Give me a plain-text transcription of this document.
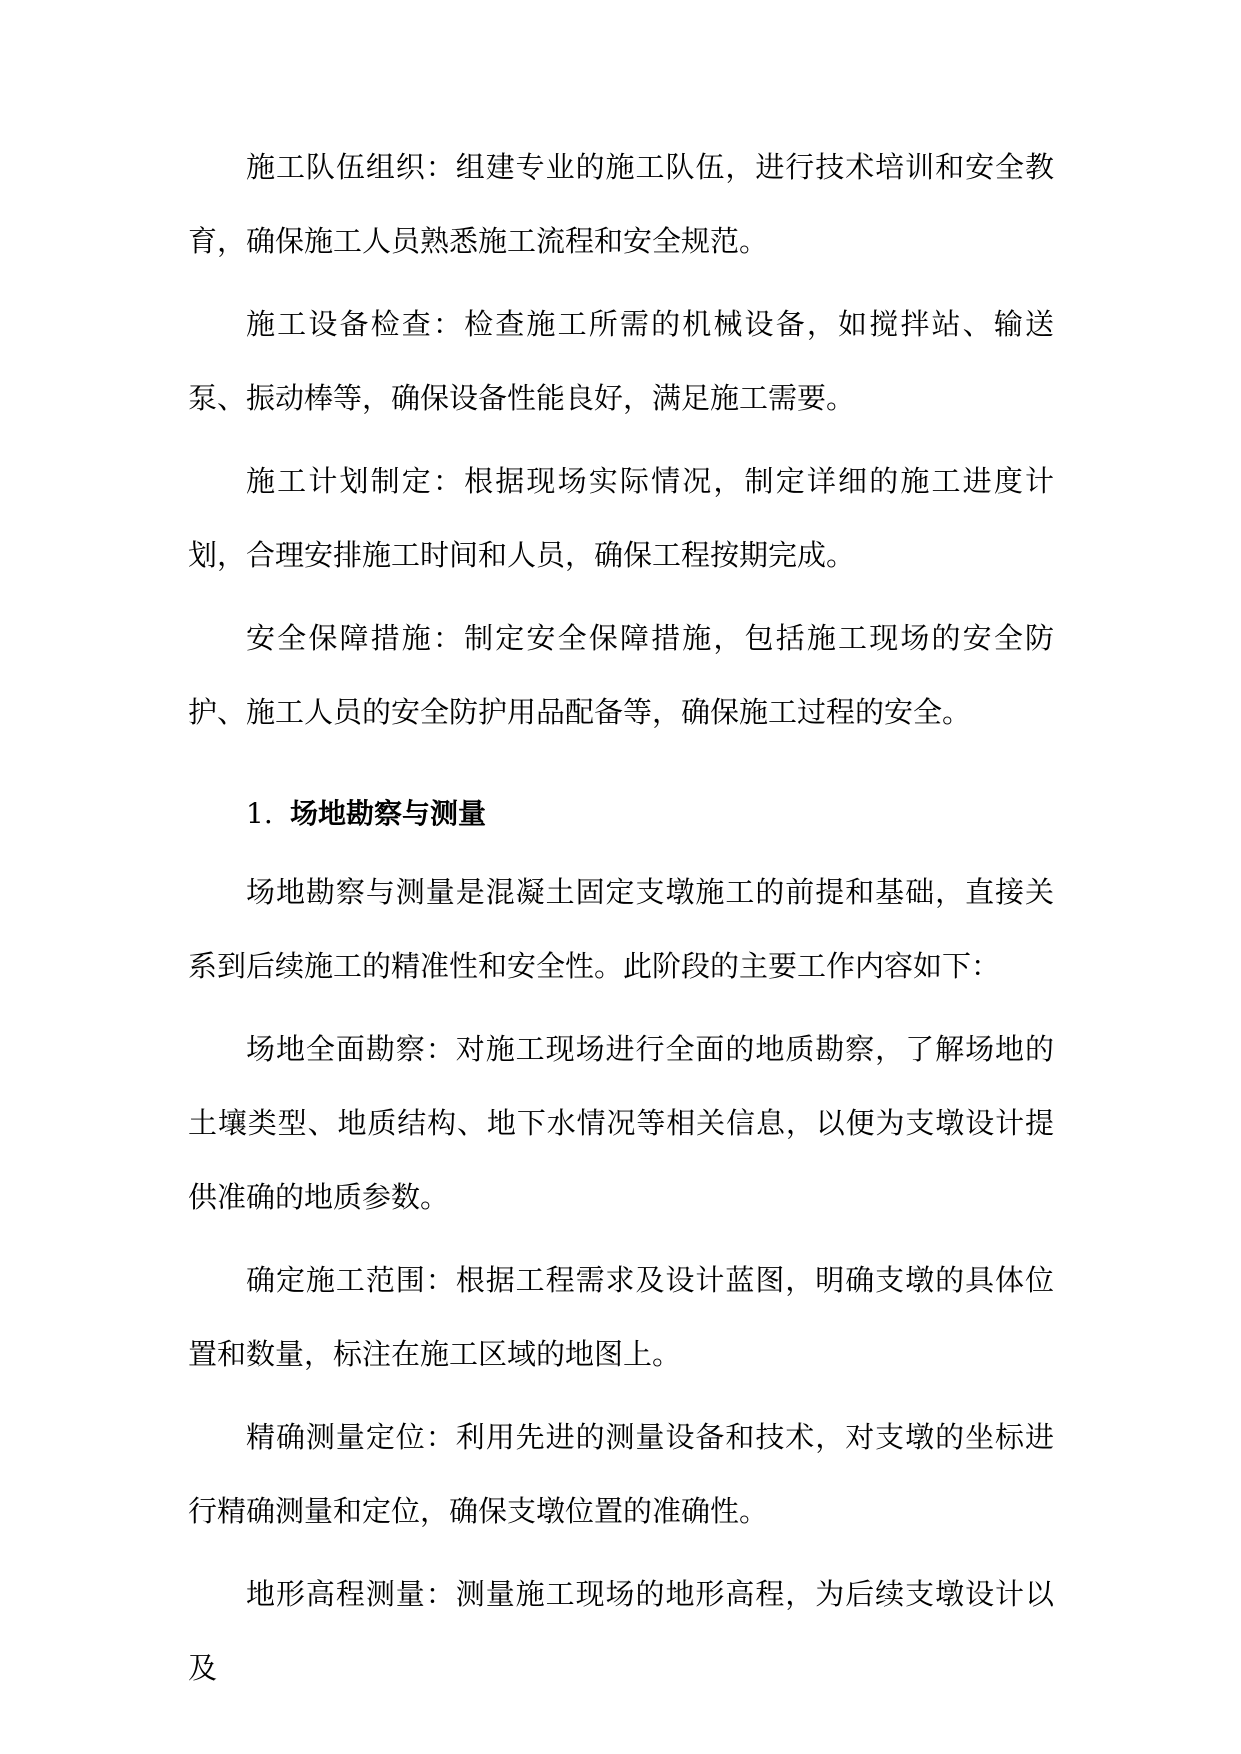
施工队伍组织：组建专业的施工队伍，进行技术培训和安全教育，确保施工人员熟悉施工流程和安全规范。

施工设备检查：检查施工所需的机械设备，如搅拌站、输送泵、振动棒等，确保设备性能良好，满足施工需要。

施工计划制定：根据现场实际情况，制定详细的施工进度计划，合理安排施工时间和人员，确保工程按期完成。

安全保障措施：制定安全保障措施，包括施工现场的安全防护、施工人员的安全防护用品配备等，确保施工过程的安全。

1. 场地勘察与测量

场地勘察与测量是混凝土固定支墩施工的前提和基础，直接关系到后续施工的精准性和安全性。此阶段的主要工作内容如下：

场地全面勘察：对施工现场进行全面的地质勘察，了解场地的土壤类型、地质结构、地下水情况等相关信息，以便为支墩设计提供准确的地质参数。

确定施工范围：根据工程需求及设计蓝图，明确支墩的具体位置和数量，标注在施工区域的地图上。

精确测量定位：利用先进的测量设备和技术，对支墩的坐标进行精确测量和定位，确保支墩位置的准确性。

地形高程测量：测量施工现场的地形高程，为后续支墩设计以及
